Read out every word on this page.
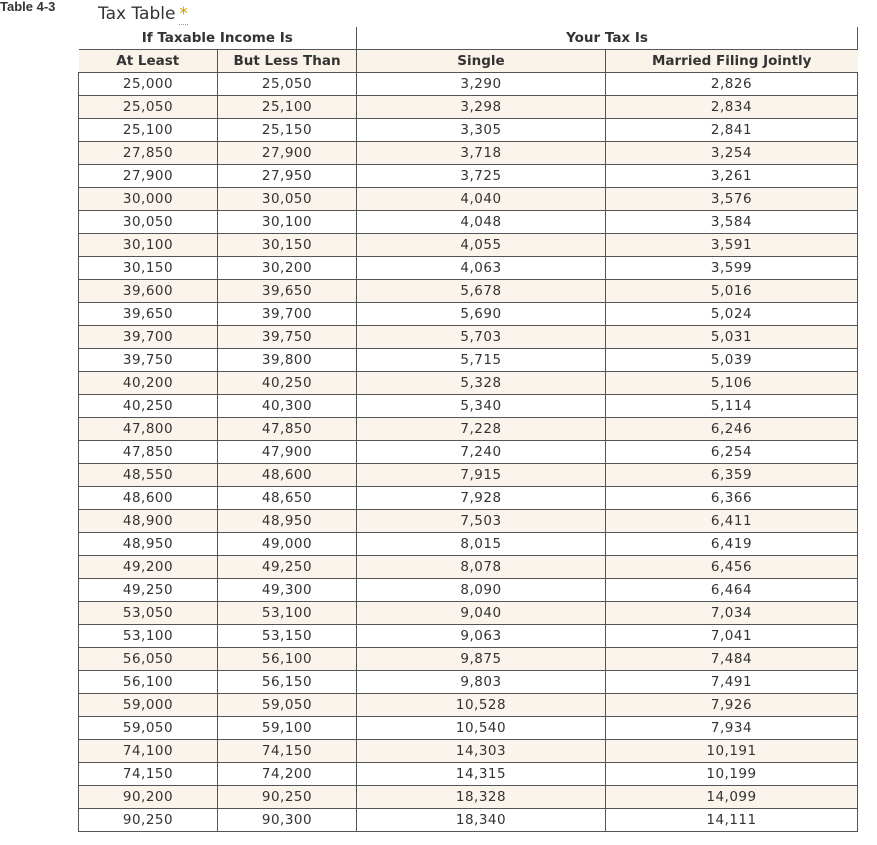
Table 4-3	Tax Table *
If Taxable Income Is		Your Tax Is	
At Least	But Less Than	Single	Married Filing Jointly
25,000	25,050	3,290	2,826
25,050	25,100	3,298	2,834
25,100	25,150	3,305	2,841
27,850	27,900	3,718	3,254
27,900	27,950	3,725	3,261
30,000	30,050	4,040	3,576
30,050	30,100	4,048	3,584
30,100	30,150	4,055	3,591
30,150	30,200	4,063	3,599
39,600	39,650	5,678	5,016
39,650	39,700	5,690	5,024
39,700	39,750	5,703	5,031
39,750	39,800	5,715	5,039
40,200	40,250	5,328	5,106
40,250	40,300	5,340	5,114
47,800	47,850	7,228	6,246
47,850	47,900	7,240	6,254
48,550	48,600	7,915	6,359
48,600	48,650	7,928	6,366
48,900	48,950	7,503	6,411
48,950	49,000	8,015	6,419
49,200	49,250	8,078	6,456
49,250	49,300	8,090	6,464
53,050	53,100	9,040	7,034
53,100	53,150	9,063	7,041
56,050	56,100	9,875	7,484
56,100	56,150	9,803	7,491
59,000	59,050	10,528	7,926
59,050	59,100	10,540	7,934
74,100	74,150	14,303	10,191
74,150	74,200	14,315	10,199
90,200	90,250	18,328	14,099
90,250	90,300	18,340	14,111
